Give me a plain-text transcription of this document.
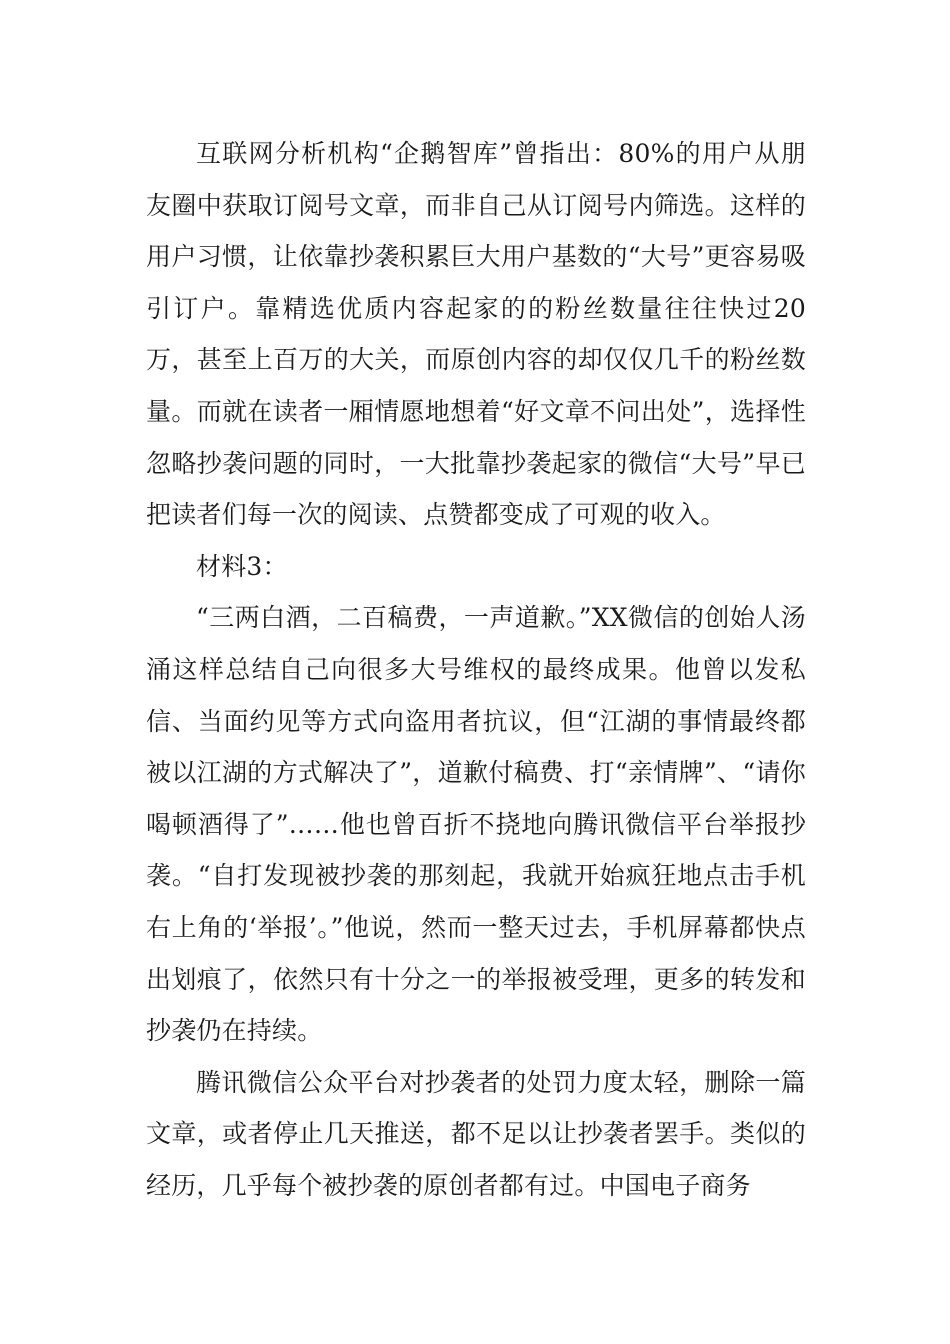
互联网分析机构“企鹅智库”曾指出：80%的用户从朋友圈中获取订阅号文章，而非自己从订阅号内筛选。这样的用户习惯，让依靠抄袭积累巨大用户基数的“大号”更容易吸引订户。靠精选优质内容起家的的粉丝数量往往快过20万，甚至上百万的大关，而原创内容的却仅仅几千的粉丝数量。而就在读者一厢情愿地想着“好文章不问出处”，选择性忽略抄袭问题的同时，一大批靠抄袭起家的微信“大号”早已把读者们每一次的阅读、点赞都变成了可观的收入。

材料3：

“三两白酒，二百稿费，一声道歉。”XX微信的创始人汤涌这样总结自己向很多大号维权的最终成果。他曾以发私信、当面约见等方式向盗用者抗议，但“江湖的事情最终都被以江湖的方式解决了”，道歉付稿费、打“亲情牌”、“请你喝顿酒得了”……他也曾百折不挠地向腾讯微信平台举报抄袭。“自打发现被抄袭的那刻起，我就开始疯狂地点击手机右上角的‘举报’。”他说，然而一整天过去，手机屏幕都快点出划痕了，依然只有十分之一的举报被受理，更多的转发和抄袭仍在持续。

腾讯微信公众平台对抄袭者的处罚力度太轻，删除一篇文章，或者停止几天推送，都不足以让抄袭者罢手。类似的经历，几乎每个被抄袭的原创者都有过。中国电子商务
